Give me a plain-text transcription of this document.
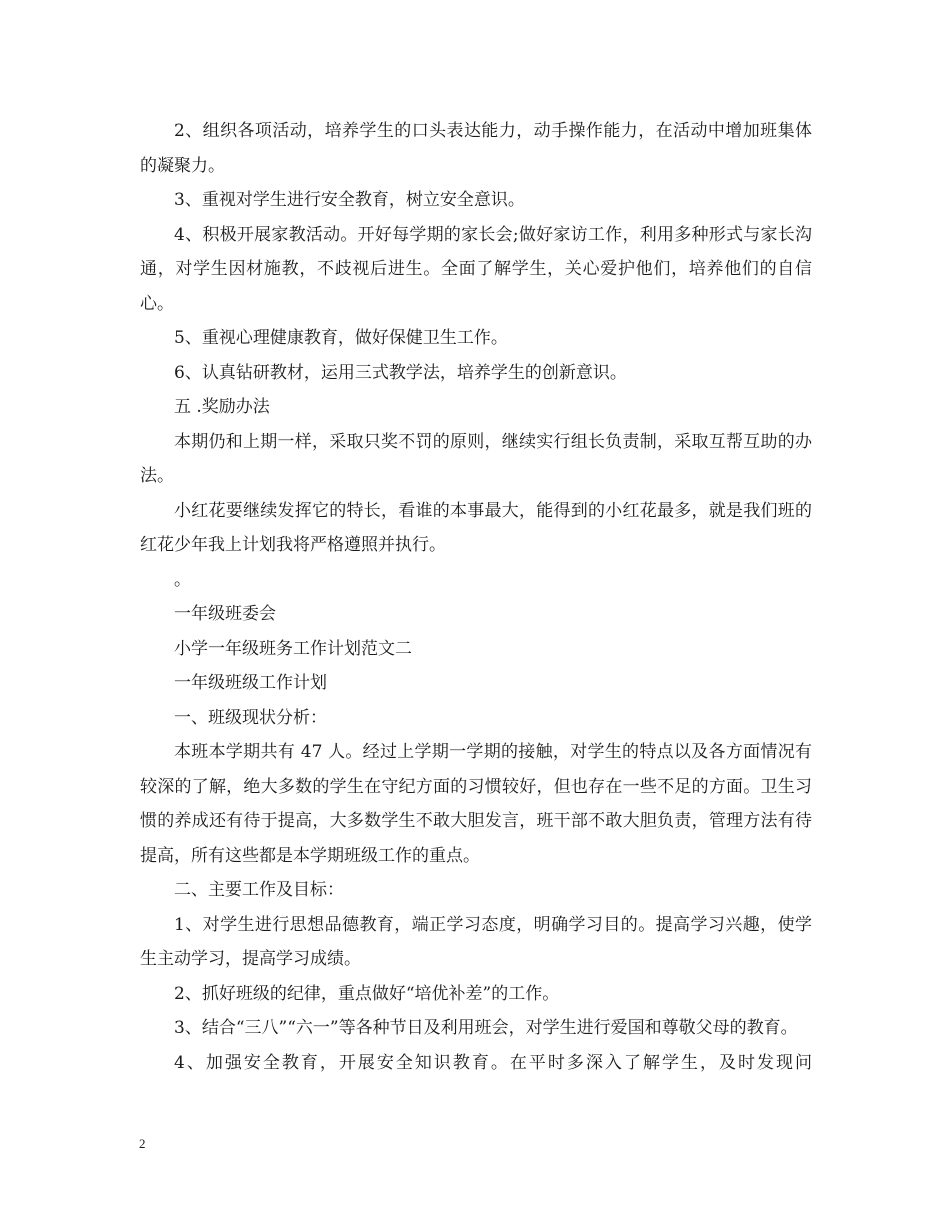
2、组织各项活动，培养学生的口头表达能力，动手操作能力，在活动中增加班集体的凝聚力。

3、重视对学生进行安全教育，树立安全意识。

4、积极开展家教活动。开好每学期的家长会;做好家访工作，利用多种形式与家长沟通，对学生因材施教，不歧视后进生。全面了解学生，关心爱护他们，培养他们的自信心。

5、重视心理健康教育，做好保健卫生工作。

6、认真钻研教材，运用三式教学法，培养学生的创新意识。

五 .奖励办法

本期仍和上期一样，采取只奖不罚的原则，继续实行组长负责制，采取互帮互助的办法。

小红花要继续发挥它的特长，看谁的本事最大，能得到的小红花最多，就是我们班的红花少年我上计划我将严格遵照并执行。

。

一年级班委会

小学一年级班务工作计划范文二

一年级班级工作计划

一、班级现状分析：

本班本学期共有 47 人。经过上学期一学期的接触，对学生的特点以及各方面情况有较深的了解，绝大多数的学生在守纪方面的习惯较好，但也存在一些不足的方面。卫生习惯的养成还有待于提高，大多数学生不敢大胆发言，班干部不敢大胆负责，管理方法有待提高，所有这些都是本学期班级工作的重点。

二、主要工作及目标：

1、对学生进行思想品德教育，端正学习态度，明确学习目的。提高学习兴趣，使学生主动学习，提高学习成绩。

2、抓好班级的纪律，重点做好“培优补差”的工作。

3、结合“三八”“六一”等各种节日及利用班会，对学生进行爱国和尊敬父母的教育。

4、加强安全教育，开展安全知识教育。在平时多深入了解学生，及时发现问

2
